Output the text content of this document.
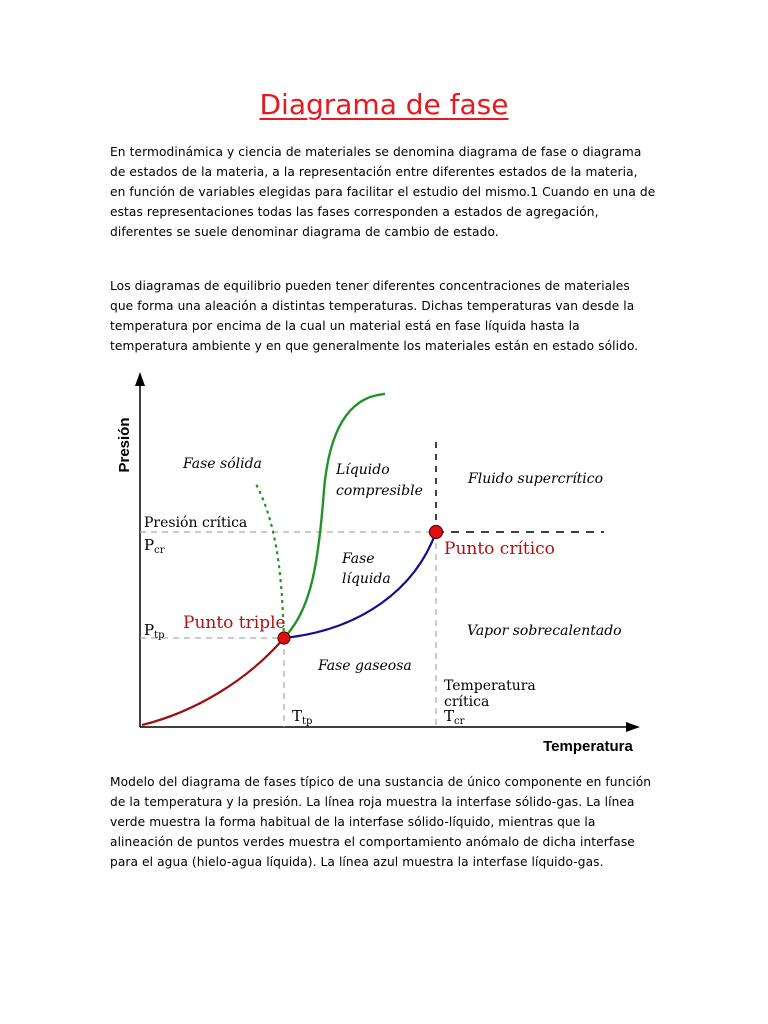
Diagrama de fase

En termodinámica y ciencia de materiales se denomina diagrama de fase o diagrama
de estados de la materia, a la representación entre diferentes estados de la materia,
en función de variables elegidas para facilitar el estudio del mismo.1 Cuando en una de
estas representaciones todas las fases corresponden a estados de agregación,
diferentes se suele denominar diagrama de cambio de estado.

Los diagramas de equilibrio pueden tener diferentes concentraciones de materiales
que forma una aleación a distintas temperaturas. Dichas temperaturas van desde la
temperatura por encima de la cual un material está en fase líquida hasta la
temperatura ambiente y en que generalmente los materiales están en estado sólido.

Presión
Temperatura
Fase sólida	Líquido
compresible
Fluido supercrítico
Fase
líquida
Fase gaseosa
Vapor sobrecalentado
Presión crítica
$P_{cr}$
$P_{tp}$
$T_{tp}$
Temperatura
crítica
$T_{cr}$
Punto triple
Punto crítico

Modelo del diagrama de fases típico de una sustancia de único componente en función
de la temperatura y la presión. La línea roja muestra la interfase sólido-gas. La línea
verde muestra la forma habitual de la interfase sólido-líquido, mientras que la
alineación de puntos verdes muestra el comportamiento anómalo de dicha interfase
para el agua (hielo-agua líquida). La línea azul muestra la interfase líquido-gas.
